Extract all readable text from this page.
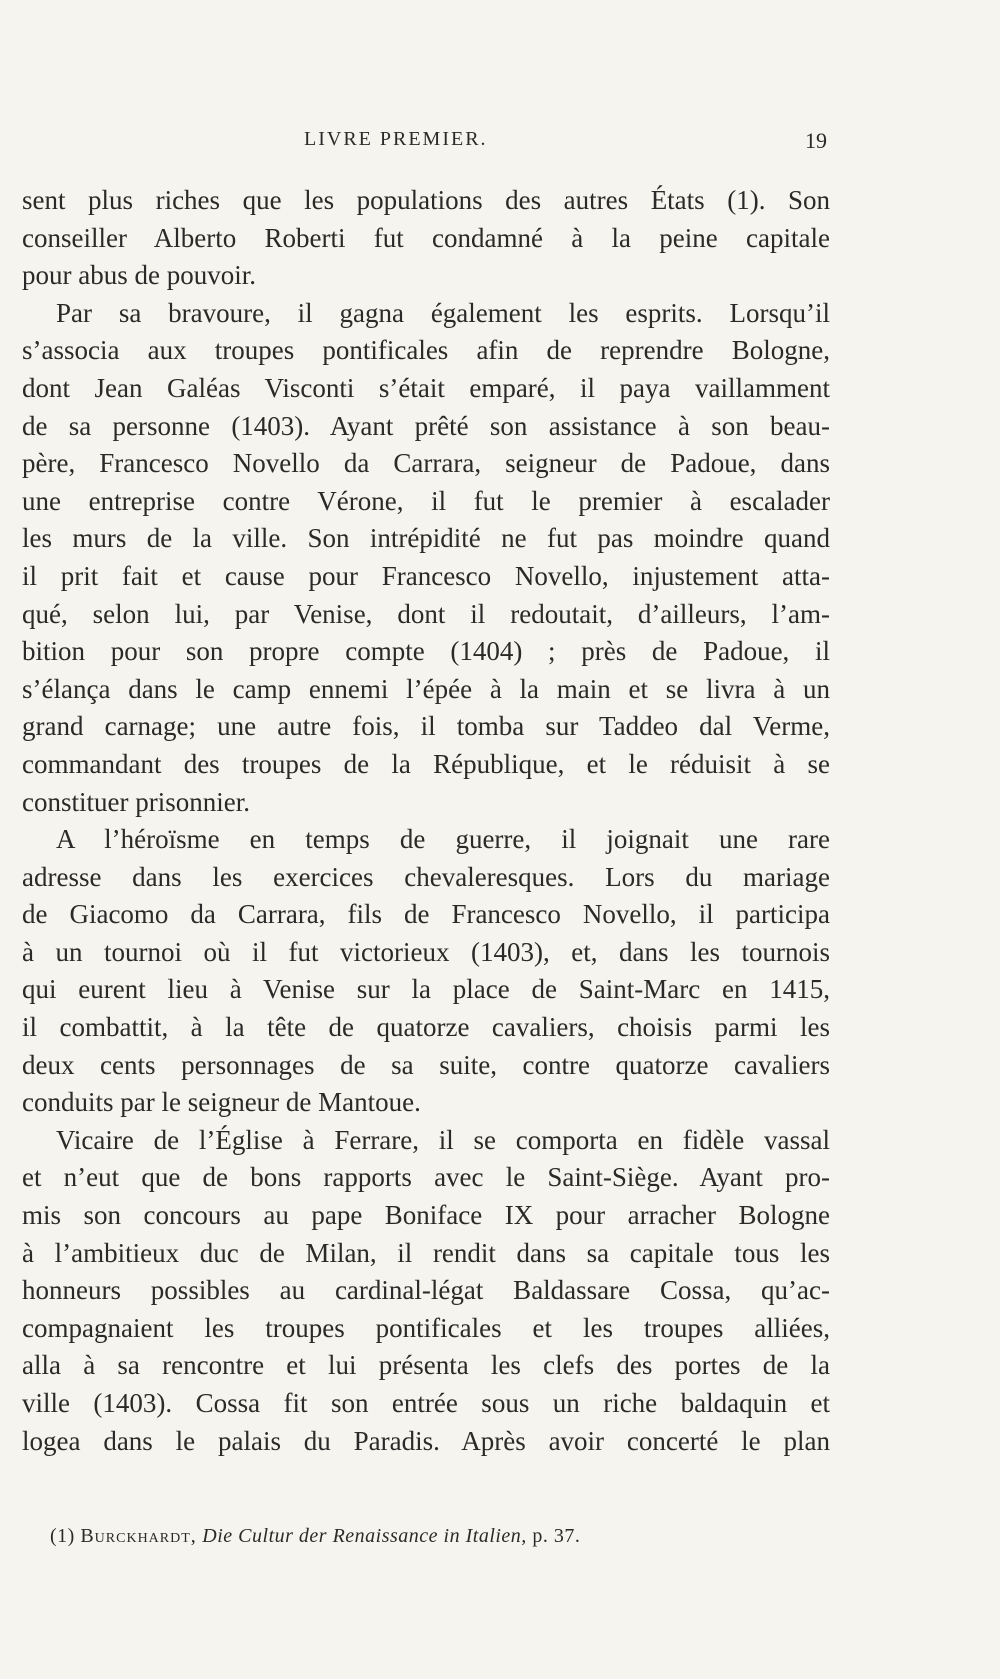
LIVRE PREMIER.	19
sent plus riches que les populations des autres États (1). Son
conseiller Alberto Roberti fut condamné à la peine capitale
pour abus de pouvoir.
Par sa bravoure, il gagna également les esprits. Lorsqu’il
s’associa aux troupes pontificales afin de reprendre Bologne,
dont Jean Galéas Visconti s’était emparé, il paya vaillamment
de sa personne (1403). Ayant prêté son assistance à son beau-
père, Francesco Novello da Carrara, seigneur de Padoue, dans
une entreprise contre Vérone, il fut le premier à escalader
les murs de la ville. Son intrépidité ne fut pas moindre quand
il prit fait et cause pour Francesco Novello, injustement atta-
qué, selon lui, par Venise, dont il redoutait, d’ailleurs, l’am-
bition pour son propre compte (1404) ; près de Padoue, il
s’élança dans le camp ennemi l’épée à la main et se livra à un
grand carnage; une autre fois, il tomba sur Taddeo dal Verme,
commandant des troupes de la République, et le réduisit à se
constituer prisonnier.
A l’héroïsme en temps de guerre, il joignait une rare
adresse dans les exercices chevaleresques. Lors du mariage
de Giacomo da Carrara, fils de Francesco Novello, il participa
à un tournoi où il fut victorieux (1403), et, dans les tournois
qui eurent lieu à Venise sur la place de Saint-Marc en 1415,
il combattit, à la tête de quatorze cavaliers, choisis parmi les
deux cents personnages de sa suite, contre quatorze cavaliers
conduits par le seigneur de Mantoue.
Vicaire de l’Église à Ferrare, il se comporta en fidèle vassal
et n’eut que de bons rapports avec le Saint-Siège. Ayant pro-
mis son concours au pape Boniface IX pour arracher Bologne
à l’ambitieux duc de Milan, il rendit dans sa capitale tous les
honneurs possibles au cardinal-légat Baldassare Cossa, qu’ac-
compagnaient les troupes pontificales et les troupes alliées,
alla à sa rencontre et lui présenta les clefs des portes de la
ville (1403). Cossa fit son entrée sous un riche baldaquin et
logea dans le palais du Paradis. Après avoir concerté le plan
(1) Burckhardt, Die Cultur der Renaissance in Italien, p. 37.
